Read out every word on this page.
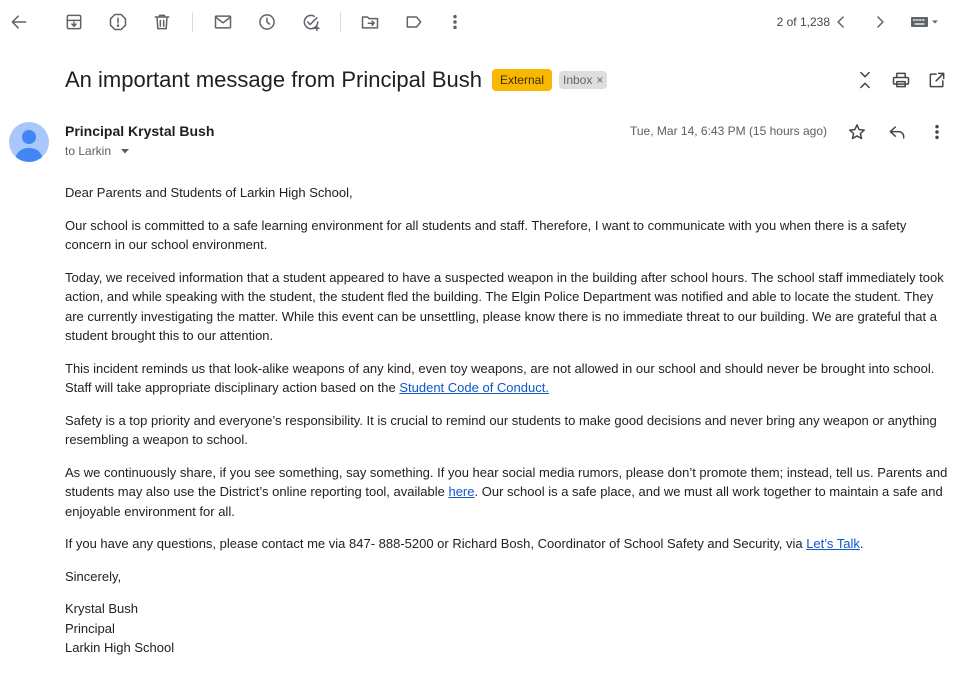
2 of 1,238
An important message from Principal Bush	External	Inbox ×
Principal Krystal Bush
to Larkin
Tue, Mar 14, 6:43 PM (15 hours ago)

Dear Parents and Students of Larkin High School,

Our school is committed to a safe learning environment for all students and staff. Therefore, I want to communicate with you when there is a safety concern in our school environment.

Today, we received information that a student appeared to have a suspected weapon in the building after school hours. The school staff immediately took action, and while speaking with the student, the student fled the building. The Elgin Police Department was notified and able to locate the student. They are currently investigating the matter. While this event can be unsettling, please know there is no immediate threat to our building. We are grateful that a student brought this to our attention.

This incident reminds us that look-alike weapons of any kind, even toy weapons, are not allowed in our school and should never be brought into school. Staff will take appropriate disciplinary action based on the Student Code of Conduct.

Safety is a top priority and everyone’s responsibility. It is crucial to remind our students to make good decisions and never bring any weapon or anything resembling a weapon to school.

As we continuously share, if you see something, say something. If you hear social media rumors, please don’t promote them; instead, tell us. Parents and students may also use the District’s online reporting tool, available here. Our school is a safe place, and we must all work together to maintain a safe and enjoyable environment for all.

If you have any questions, please contact me via 847- 888-5200 or Richard Bosh, Coordinator of School Safety and Security, via Let’s Talk.

Sincerely,

Krystal Bush
Principal
Larkin High School
